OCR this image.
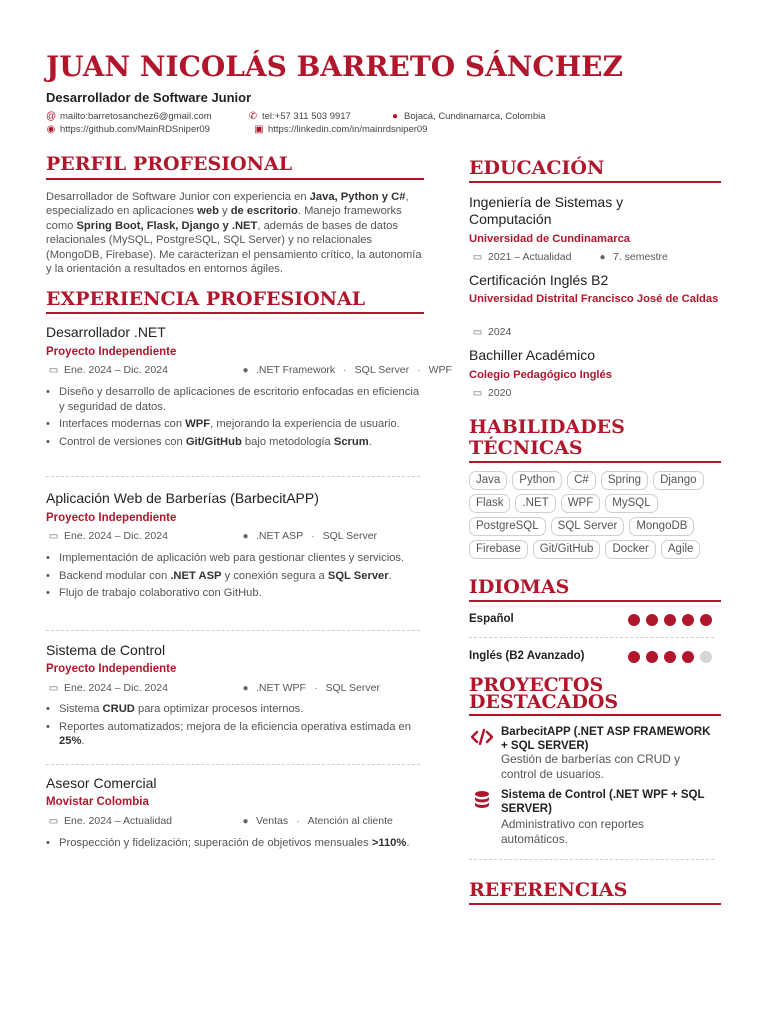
JUAN NICOLÁS BARRETO SÁNCHEZ
Desarrollador de Software Junior
@ mailto:barretosanchez6@gmail.com	✆ tel:+57 311 503 9917	● Bojacá, Cundinamarca, Colombia
◉ https://github.com/MainRDSniper09	▣ https://linkedin.com/in/mainrdsniper09
PERFIL PROFESIONAL
Desarrollador de Software Junior con experiencia en Java, Python y C#, especializado en aplicaciones web y de escritorio. Manejo frameworks como Spring Boot, Flask, Django y .NET, además de bases de datos relacionales (MySQL, PostgreSQL, SQL Server) y no relacionales (MongoDB, Firebase). Me caracterizan el pensamiento crítico, la autonomía y la orientación a resultados en entornos ágiles.
EXPERIENCIA PROFESIONAL
Desarrollador .NET
Proyecto Independiente
▭ Ene. 2024 – Dic. 2024	● .NET Framework · SQL Server · WPF
• Diseño y desarrollo de aplicaciones de escritorio enfocadas en eficiencia y seguridad de datos.
• Interfaces modernas con WPF, mejorando la experiencia de usuario.
• Control de versiones con Git/GitHub bajo metodología Scrum.
Aplicación Web de Barberías (BarbecitAPP)
Proyecto Independiente
▭ Ene. 2024 – Dic. 2024	● .NET ASP · SQL Server
• Implementación de aplicación web para gestionar clientes y servicios.
• Backend modular con .NET ASP y conexión segura a SQL Server.
• Flujo de trabajo colaborativo con GitHub.
Sistema de Control
Proyecto Independiente
▭ Ene. 2024 – Dic. 2024	● .NET WPF · SQL Server
• Sistema CRUD para optimizar procesos internos.
• Reportes automatizados; mejora de la eficiencia operativa estimada en 25%.
Asesor Comercial
Movistar Colombia
▭ Ene. 2024 – Actualidad	● Ventas · Atención al cliente
• Prospección y fidelización; superación de objetivos mensuales >110%.
EDUCACIÓN
Ingeniería de Sistemas y Computación
Universidad de Cundinamarca
▭ 2021 – Actualidad	● 7. semestre
Certificación Inglés B2
Universidad Distrital Francisco José de Caldas
▭ 2024
Bachiller Académico
Colegio Pedagógico Inglés
▭ 2020
HABILIDADES
TÉCNICAS
Java	Python	C#	Spring	Django
Flask	.NET	WPF	MySQL
PostgreSQL	SQL Server	MongoDB
Firebase	Git/GitHub	Docker	Agile
IDIOMAS
Español
Inglés (B2 Avanzado)
PROYECTOS
DESTACADOS
BarbecitAPP (.NET ASP FRAMEWORK + SQL SERVER)
Gestión de barberías con CRUD y control de usuarios.
Sistema de Control (.NET WPF + SQL SERVER)
Administrativo con reportes automáticos.
REFERENCIAS
